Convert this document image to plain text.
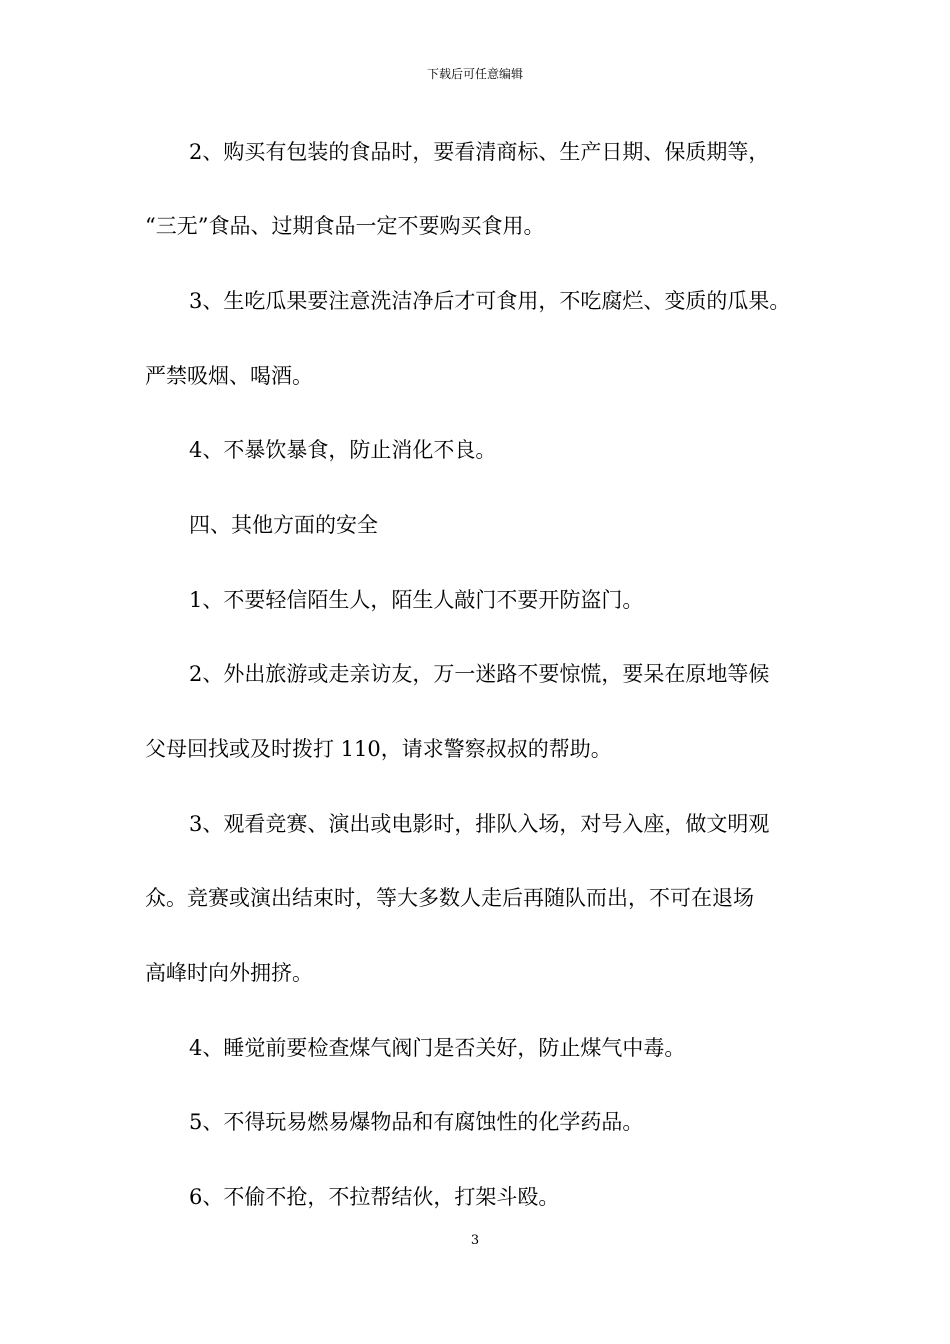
下载后可任意编辑
2、购买有包装的食品时，要看清商标、生产日期、保质期等，
“三无”食品、过期食品一定不要购买食用。
3、生吃瓜果要注意洗洁净后才可食用，不吃腐烂、变质的瓜果。
严禁吸烟、喝酒。
4、不暴饮暴食，防止消化不良。
四、其他方面的安全
1、不要轻信陌生人，陌生人敲门不要开防盗门。
2、外出旅游或走亲访友，万一迷路不要惊慌，要呆在原地等候
父母回找或及时拨打 110，请求警察叔叔的帮助。
3、观看竞赛、演出或电影时，排队入场，对号入座，做文明观
众。竞赛或演出结束时，等大多数人走后再随队而出，不可在退场
高峰时向外拥挤。
4、睡觉前要检查煤气阀门是否关好，防止煤气中毒。
5、不得玩易燃易爆物品和有腐蚀性的化学药品。
6、不偷不抢，不拉帮结伙，打架斗殴。
3
